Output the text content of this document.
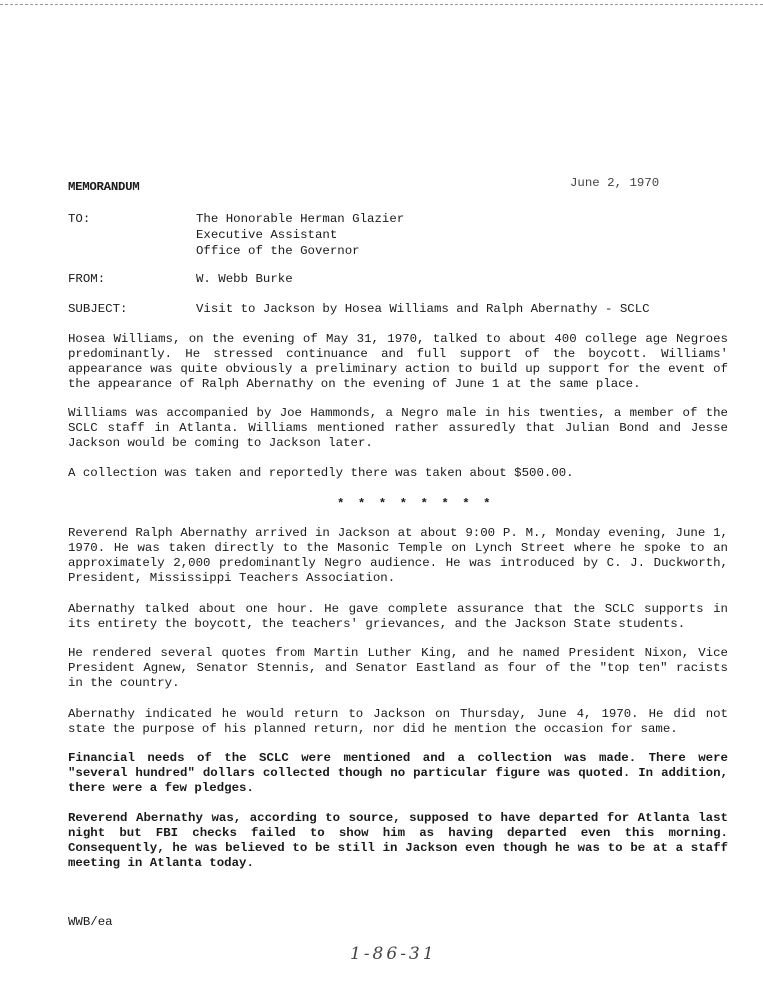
MEMORANDUM	June 2, 1970
TO:	The Honorable Herman Glazier
Executive Assistant
Office of the Governor
FROM:	W. Webb Burke
SUBJECT:	Visit to Jackson by Hosea Williams and Ralph Abernathy - SCLC

Hosea Williams, on the evening of May 31, 1970, talked to about 400 college age Negroes predominantly. He stressed continuance and full support of the boycott. Williams' appearance was quite obviously a preliminary action to build up support for the event of the appearance of Ralph Abernathy on the evening of June 1 at the same place.

Williams was accompanied by Joe Hammonds, a Negro male in his twenties, a member of the SCLC staff in Atlanta. Williams mentioned rather assuredly that Julian Bond and Jesse Jackson would be coming to Jackson later.

A collection was taken and reportedly there was taken about $500.00.

* * * * * * * *

Reverend Ralph Abernathy arrived in Jackson at about 9:00 P. M., Monday evening, June 1, 1970. He was taken directly to the Masonic Temple on Lynch Street where he spoke to an approximately 2,000 predominantly Negro audience. He was introduced by C. J. Duckworth, President, Mississippi Teachers Association.

Abernathy talked about one hour. He gave complete assurance that the SCLC supports in its entirety the boycott, the teachers' grievances, and the Jackson State students.

He rendered several quotes from Martin Luther King, and he named President Nixon, Vice President Agnew, Senator Stennis, and Senator Eastland as four of the "top ten" racists in the country.

Abernathy indicated he would return to Jackson on Thursday, June 4, 1970. He did not state the purpose of his planned return, nor did he mention the occasion for same.

Financial needs of the SCLC were mentioned and a collection was made. There were "several hundred" dollars collected though no particular figure was quoted. In addition, there were a few pledges.

Reverend Abernathy was, according to source, supposed to have departed for Atlanta last night but FBI checks failed to show him as having departed even this morning. Consequently, he was believed to be still in Jackson even though he was to be at a staff meeting in Atlanta today.

WWB/ea
1-86-31
